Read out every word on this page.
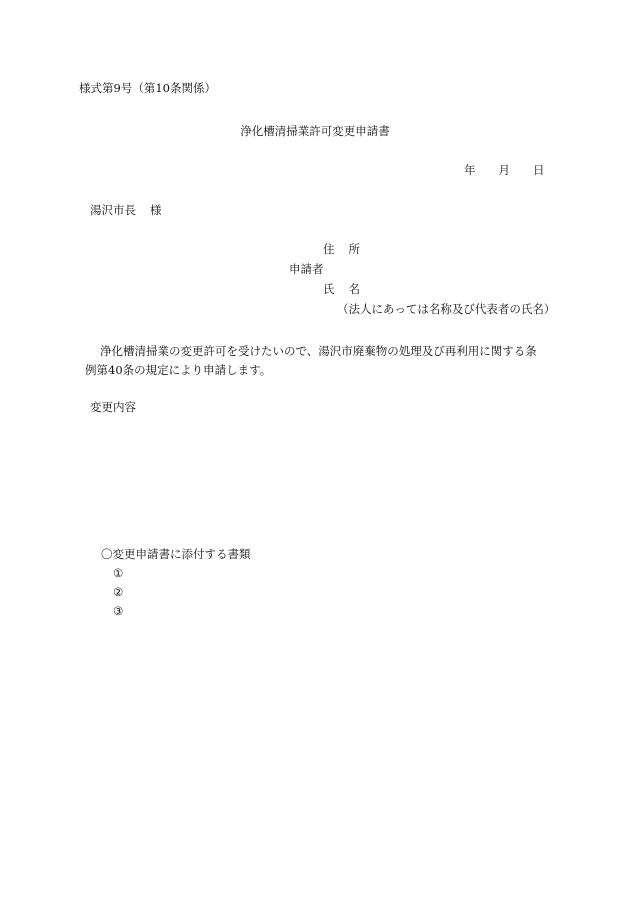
様式第9号（第10条関係）
浄化槽清掃業許可変更申請書
年 月 日
湯沢市長 様
住 所
申請者
氏 名
（法人にあっては名称及び代表者の氏名）
浄化槽清掃業の変更許可を受けたいので、湯沢市廃棄物の処理及び再利用に関する条
例第40条の規定により申請します。
変更内容
〇変更申請書に添付する書類
①
②
③
